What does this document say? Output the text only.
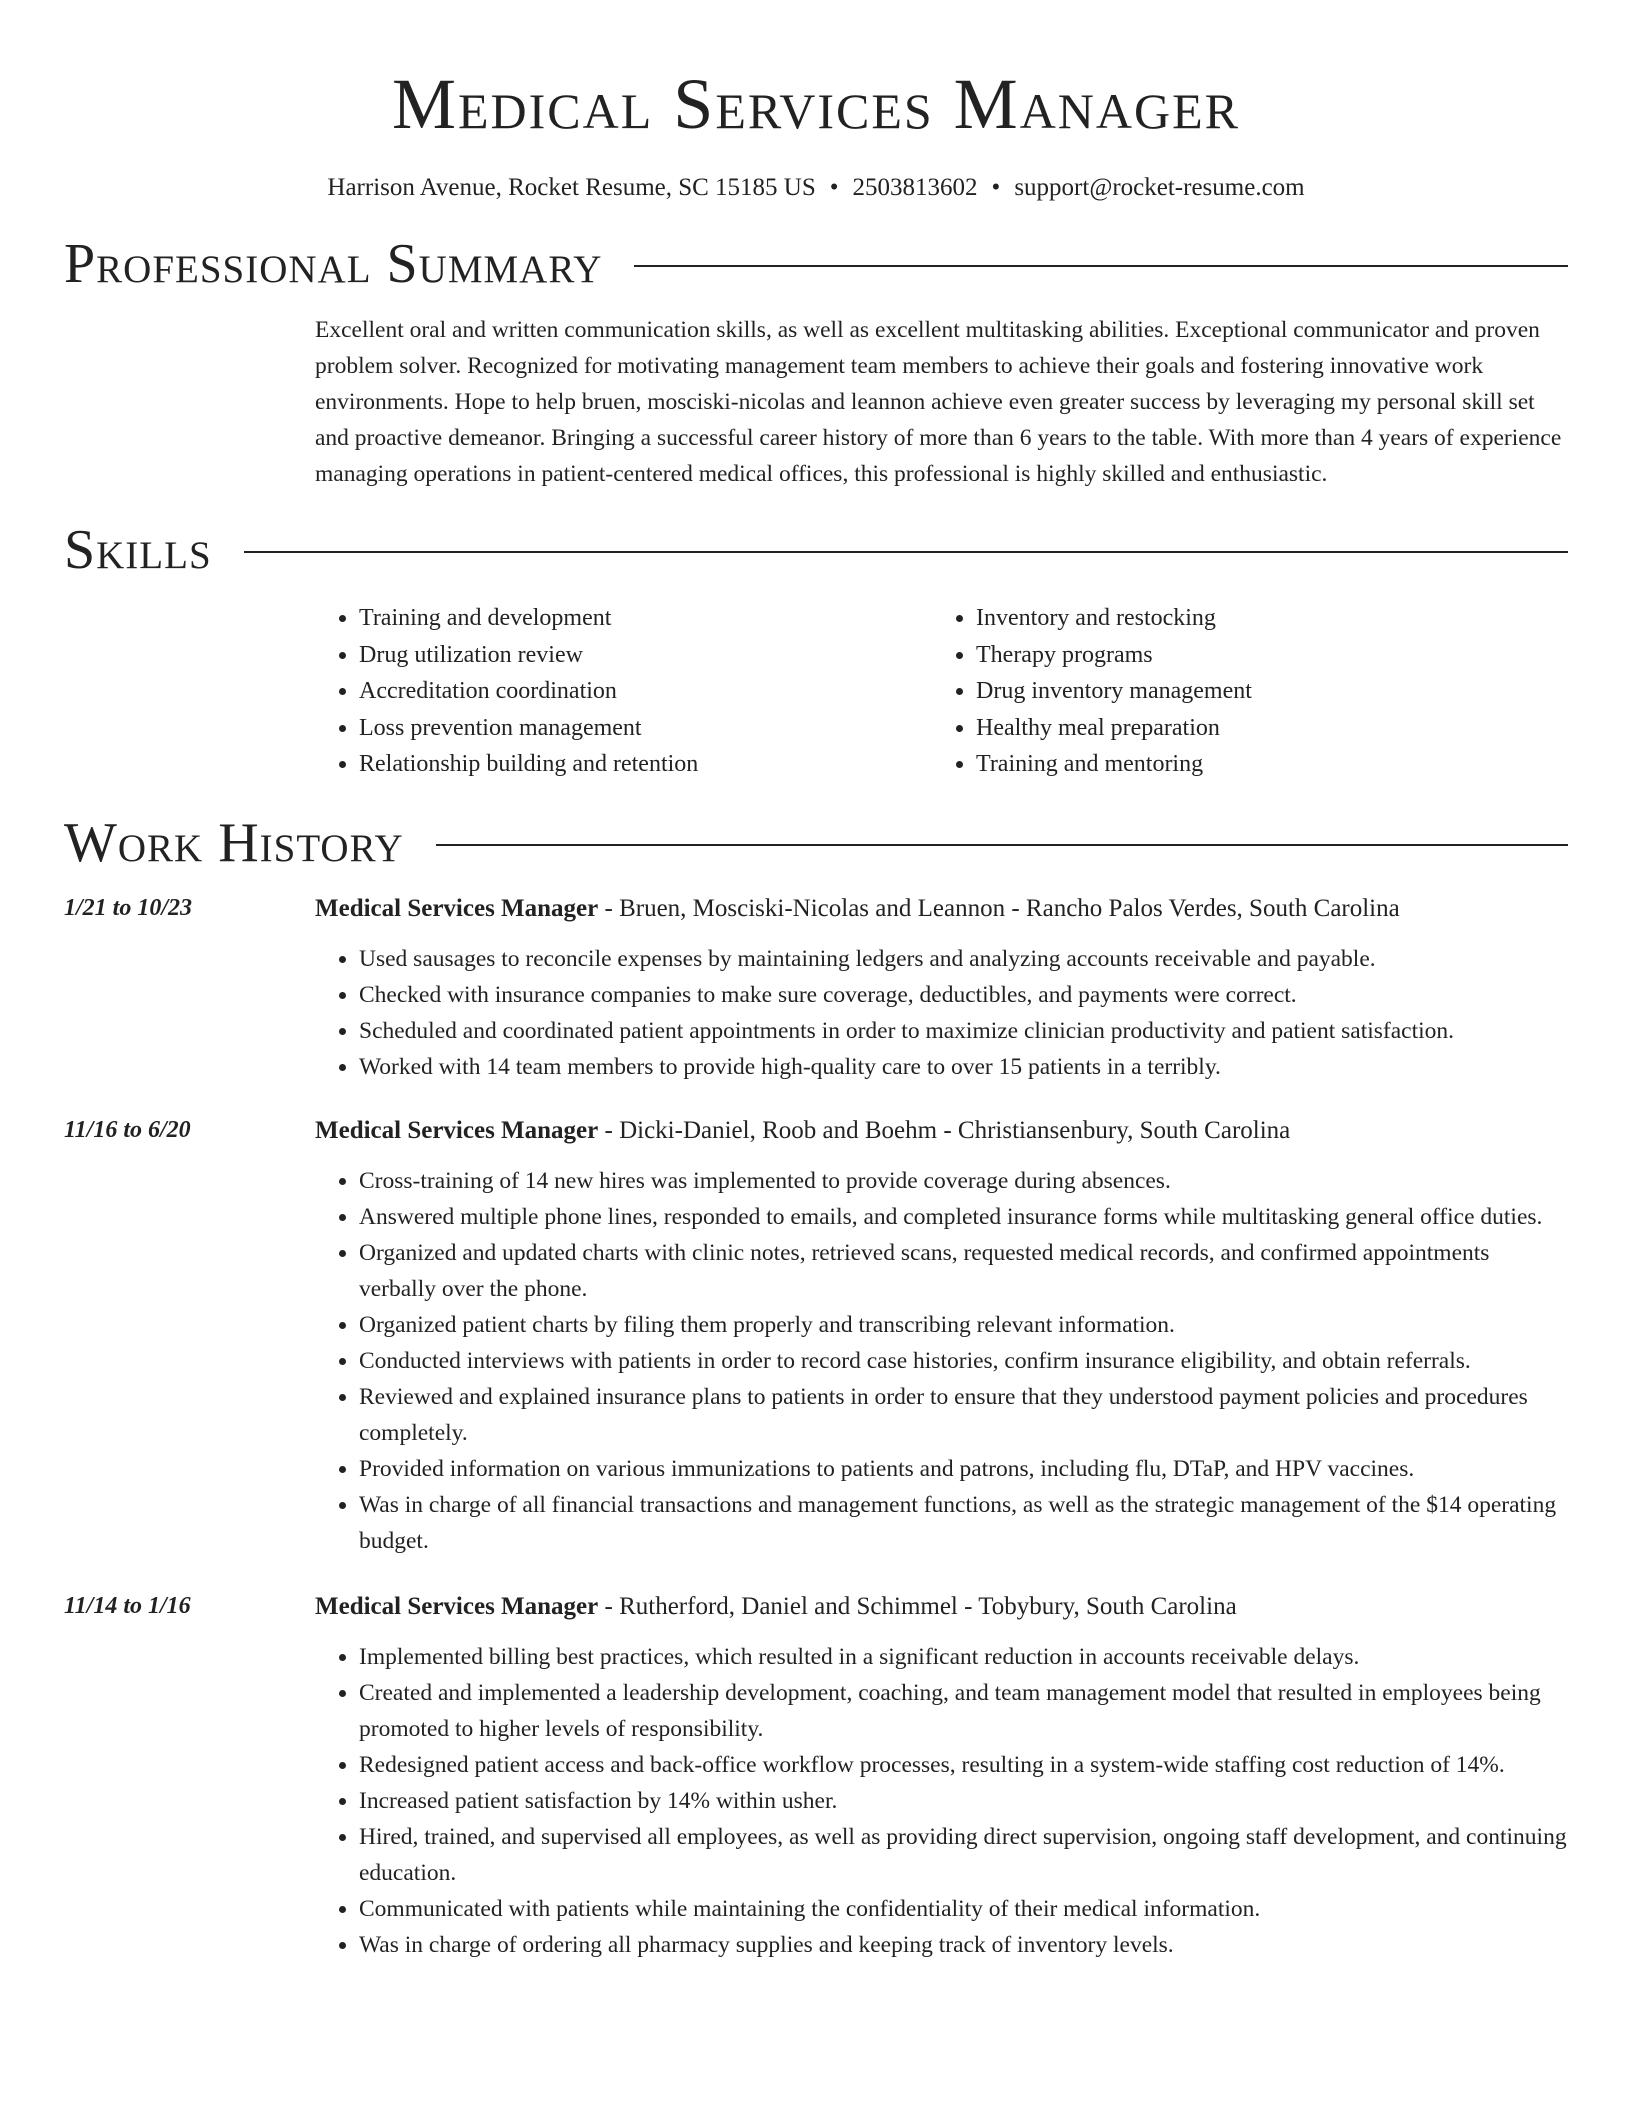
Medical Services Manager
Harrison Avenue, Rocket Resume, SC 15185 US • 2503813602 • support@rocket-resume.com
Professional Summary
Excellent oral and written communication skills, as well as excellent multitasking abilities. Exceptional communicator and proven problem solver. Recognized for motivating management team members to achieve their goals and fostering innovative work environments. Hope to help bruen, mosciski-nicolas and leannon achieve even greater success by leveraging my personal skill set and proactive demeanor. Bringing a successful career history of more than 6 years to the table. With more than 4 years of experience managing operations in patient-centered medical offices, this professional is highly skilled and enthusiastic.
Skills
• Training and development
• Drug utilization review
• Accreditation coordination
• Loss prevention management
• Relationship building and retention
• Inventory and restocking
• Therapy programs
• Drug inventory management
• Healthy meal preparation
• Training and mentoring
Work History
1/21 to 10/23	Medical Services Manager - Bruen, Mosciski-Nicolas and Leannon - Rancho Palos Verdes, South Carolina
• Used sausages to reconcile expenses by maintaining ledgers and analyzing accounts receivable and payable.
• Checked with insurance companies to make sure coverage, deductibles, and payments were correct.
• Scheduled and coordinated patient appointments in order to maximize clinician productivity and patient satisfaction.
• Worked with 14 team members to provide high-quality care to over 15 patients in a terribly.
11/16 to 6/20	Medical Services Manager - Dicki-Daniel, Roob and Boehm - Christiansenbury, South Carolina
• Cross-training of 14 new hires was implemented to provide coverage during absences.
• Answered multiple phone lines, responded to emails, and completed insurance forms while multitasking general office duties.
• Organized and updated charts with clinic notes, retrieved scans, requested medical records, and confirmed appointments verbally over the phone.
• Organized patient charts by filing them properly and transcribing relevant information.
• Conducted interviews with patients in order to record case histories, confirm insurance eligibility, and obtain referrals.
• Reviewed and explained insurance plans to patients in order to ensure that they understood payment policies and procedures completely.
• Provided information on various immunizations to patients and patrons, including flu, DTaP, and HPV vaccines.
• Was in charge of all financial transactions and management functions, as well as the strategic management of the $14 operating budget.
11/14 to 1/16	Medical Services Manager - Rutherford, Daniel and Schimmel - Tobybury, South Carolina
• Implemented billing best practices, which resulted in a significant reduction in accounts receivable delays.
• Created and implemented a leadership development, coaching, and team management model that resulted in employees being promoted to higher levels of responsibility.
• Redesigned patient access and back-office workflow processes, resulting in a system-wide staffing cost reduction of 14%.
• Increased patient satisfaction by 14% within usher.
• Hired, trained, and supervised all employees, as well as providing direct supervision, ongoing staff development, and continuing education.
• Communicated with patients while maintaining the confidentiality of their medical information.
• Was in charge of ordering all pharmacy supplies and keeping track of inventory levels.
